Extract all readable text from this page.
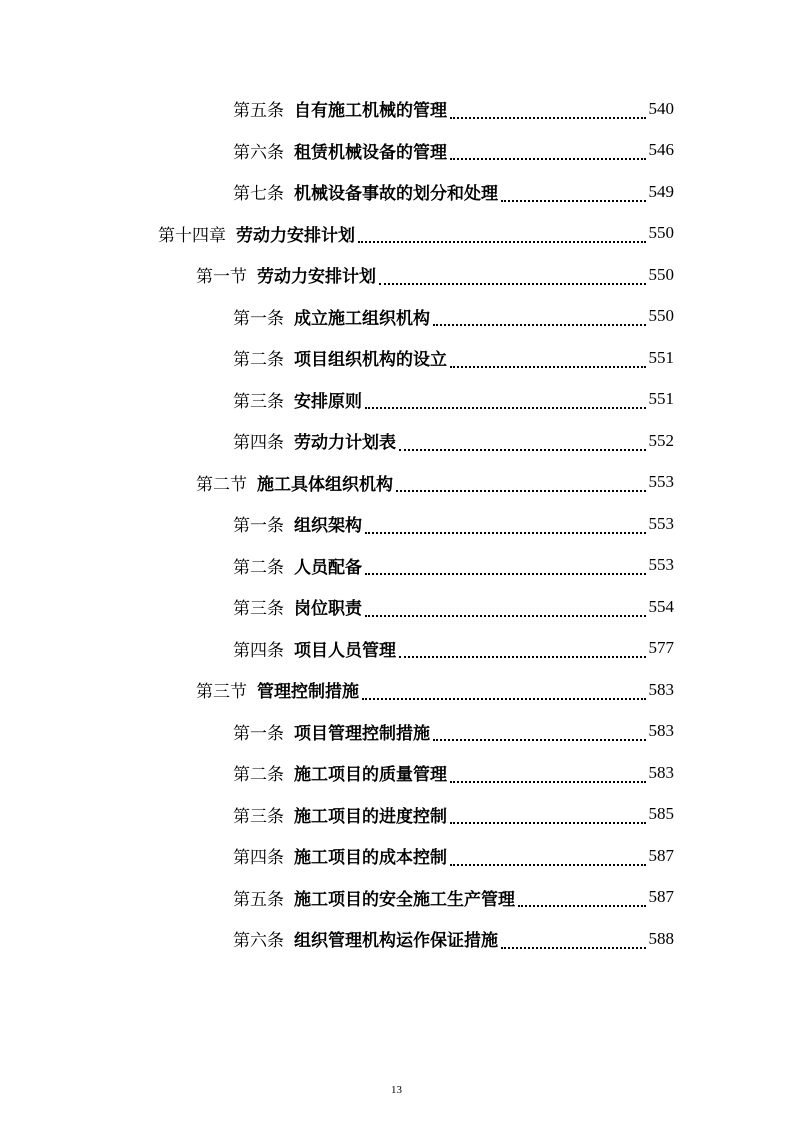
第五条 自有施工机械的管理	540
第六条 租赁机械设备的管理	546
第七条 机械设备事故的划分和处理	549
第十四章 劳动力安排计划	550
第一节 劳动力安排计划	550
第一条 成立施工组织机构	550
第二条 项目组织机构的设立	551
第三条 安排原则	551
第四条 劳动力计划表	552
第二节 施工具体组织机构	553
第一条 组织架构	553
第二条 人员配备	553
第三条 岗位职责	554
第四条 项目人员管理	577
第三节 管理控制措施	583
第一条 项目管理控制措施	583
第二条 施工项目的质量管理	583
第三条 施工项目的进度控制	585
第四条 施工项目的成本控制	587
第五条 施工项目的安全施工生产管理	587
第六条 组织管理机构运作保证措施	588
13
